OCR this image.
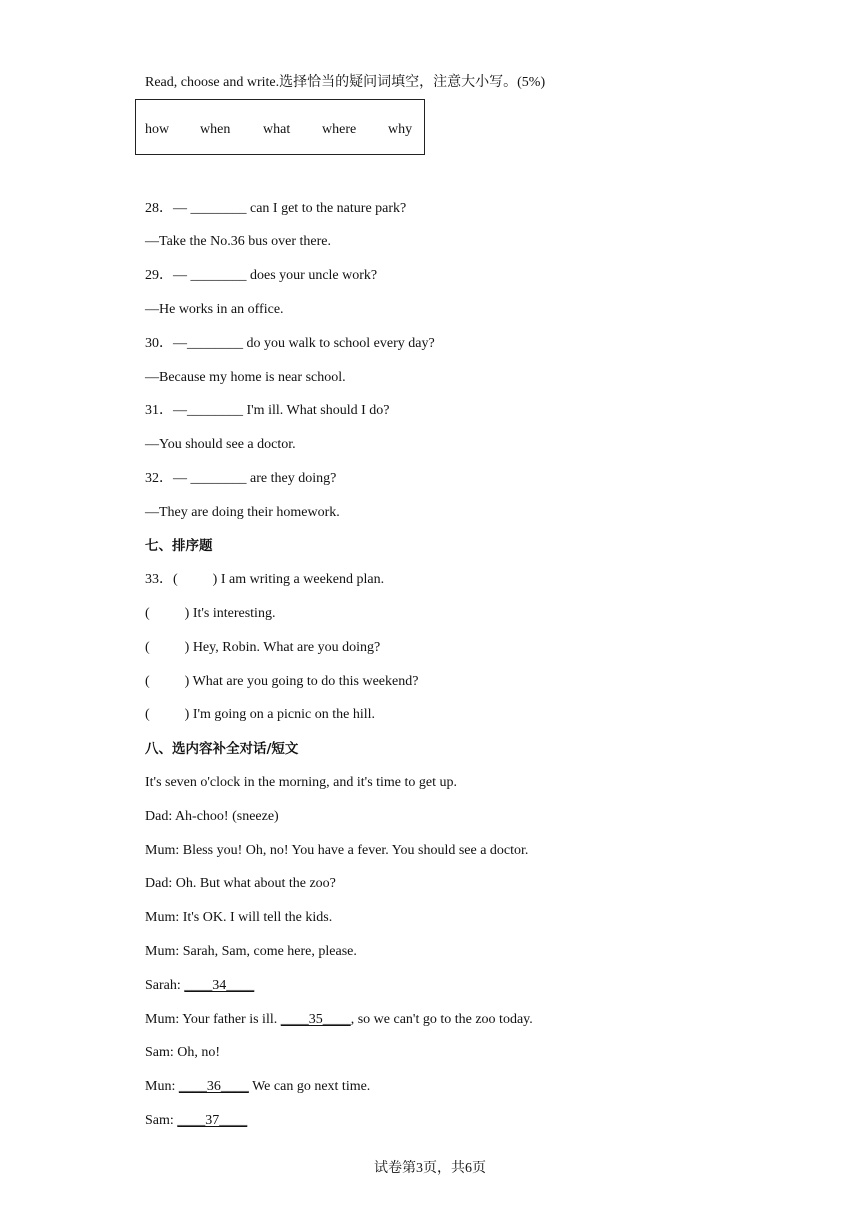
Read, choose and write.选择恰当的疑问词填空，注意大小写。(5%)
how when what where why
28．— ________ can I get to the nature park?
—Take the No.36 bus over there.
29．— ________ does your uncle work?
—He works in an office.
30．—________ do you walk to school every day?
—Because my home is near school.
31．—________ I'm ill. What should I do?
—You should see a doctor.
32．— ________ are they doing?
—They are doing their homework.
七、排序题
33．(          ) I am writing a weekend plan.
(          ) It's interesting.
(          ) Hey, Robin. What are you doing?
(          ) What are you going to do this weekend?
(          ) I'm going on a picnic on the hill.
八、选内容补全对话/短文
It's seven o'clock in the morning, and it's time to get up.
Dad: Ah-choo! (sneeze)
Mum: Bless you! Oh, no! You have a fever. You should see a doctor.
Dad: Oh. But what about the zoo?
Mum: It's OK. I will tell the kids.
Mum: Sarah, Sam, come here, please.
Sarah: ____34____
Mum: Your father is ill. ____35____, so we can't go to the zoo today.
Sam: Oh, no!
Mun: ____36____ We can go next time.
Sam: ____37____
试卷第3页，共6页
